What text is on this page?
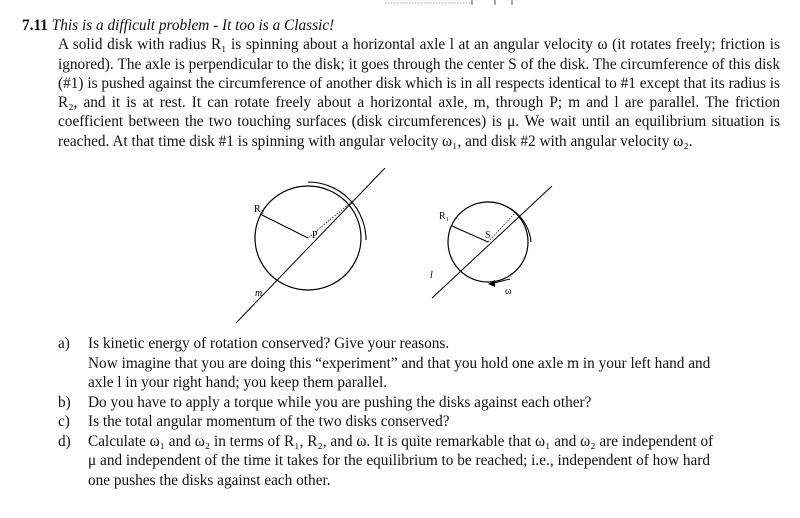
7.11 This is a difficult problem - It too is a Classic!

A solid disk with radius R₁ is spinning about a horizontal axle l at an angular velocity ω (it rotates freely; friction is ignored). The axle is perpendicular to the disk; it goes through the center S of the disk. The circumference of this disk (#1) is pushed against the circumference of another disk which is in all respects identical to #1 except that its radius is R₂, and it is at rest. It can rotate freely about a horizontal axle, m, through P; m and l are parallel. The friction coefficient between the two touching surfaces (disk circumferences) is μ. We wait until an equilibrium situation is reached. At that time disk #1 is spinning with angular velocity ω₁, and disk #2 with angular velocity ω₂.
R₂
P
m
R₁
S
l
ω
a)	Is kinetic energy of rotation conserved? Give your reasons.
Now imagine that you are doing this “experiment” and that you hold one axle m in your left hand and axle l in your right hand; you keep them parallel.
b)	Do you have to apply a torque while you are pushing the disks against each other?
c)	Is the total angular momentum of the two disks conserved?
d)	Calculate ω₁ and ω₂ in terms of R₁, R₂, and ω. It is quite remarkable that ω₁ and ω₂ are independent of μ and independent of the time it takes for the equilibrium to be reached; i.e., independent of how hard one pushes the disks against each other.
